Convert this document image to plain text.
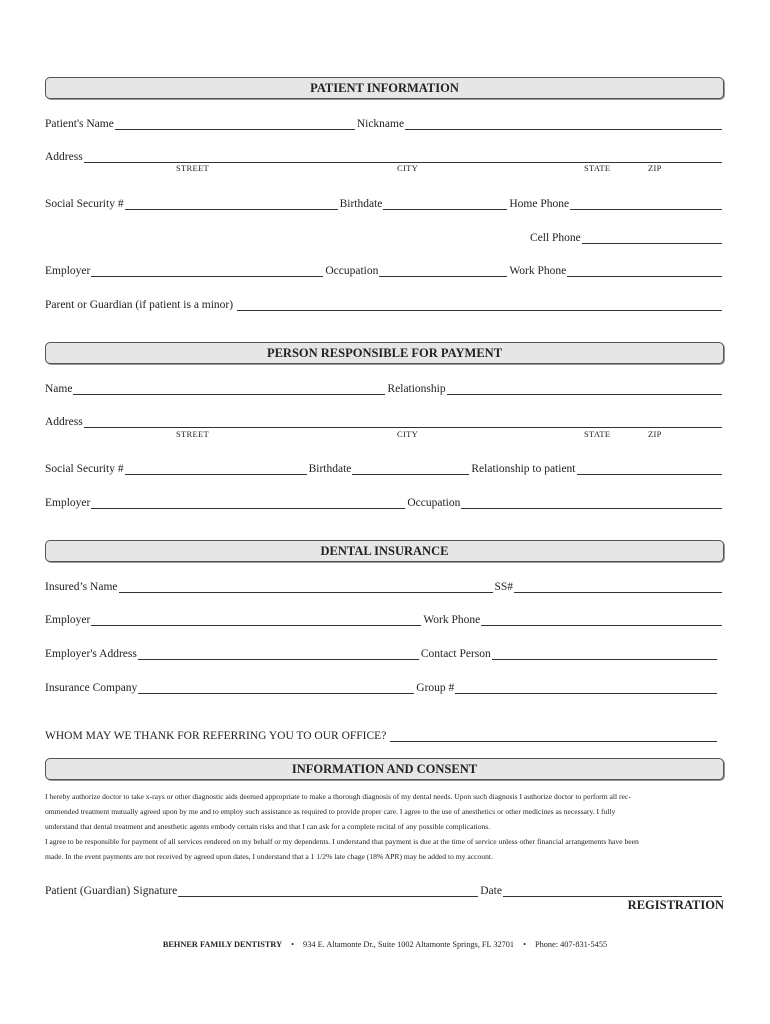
PATIENT INFORMATION
Patient's Name	Nickname
Address
STREET	CITY	STATE	ZIP
Social Security #	Birthdate	Home Phone
Cell Phone
Employer	Occupation	Work Phone
Parent or Guardian (if patient is a minor)
PERSON RESPONSIBLE FOR PAYMENT
Name	Relationship
Address
STREET	CITY	STATE	ZIP
Social Security #	Birthdate	Relationship to patient
Employer	Occupation
DENTAL INSURANCE
Insured’s Name	SS#
Employer	Work Phone
Employer's Address	Contact Person
Insurance Company	Group #
WHOM MAY WE THANK FOR REFERRING YOU TO OUR OFFICE?
INFORMATION AND CONSENT

I hereby authorize doctor to take x-rays or other diagnostic aids deemed appropriate to make a thorough diagnosis of my dental needs. Upon such diagnosis I authorize doctor to perform all rec-

ommended treatment mutually agreed upon by me and to employ such assistance as required to provide proper care. I agree to the use of anesthetics or other medicines as necessary. I fully

understand that dental treatment and anesthetic agents embody certain risks and that I can ask for a complete recital of any possible complications.

I agree to be responsible for payment of all services rendered on my behalf or my dependents. I understand that payment is due at the time of service unless other financial arrangements have been

made. In the event payments are not received by agreed upon dates, I understand that a 1 1/2% late chage (18% APR) may be added to my account.

Patient (Guardian) Signature	Date
REGISTRATION
BEHNER FAMILY DENTISTRY • 934 E. Altamonte Dr., Suite 1002 Altamonte Springs, FL 32701 • Phone: 407-831-5455
